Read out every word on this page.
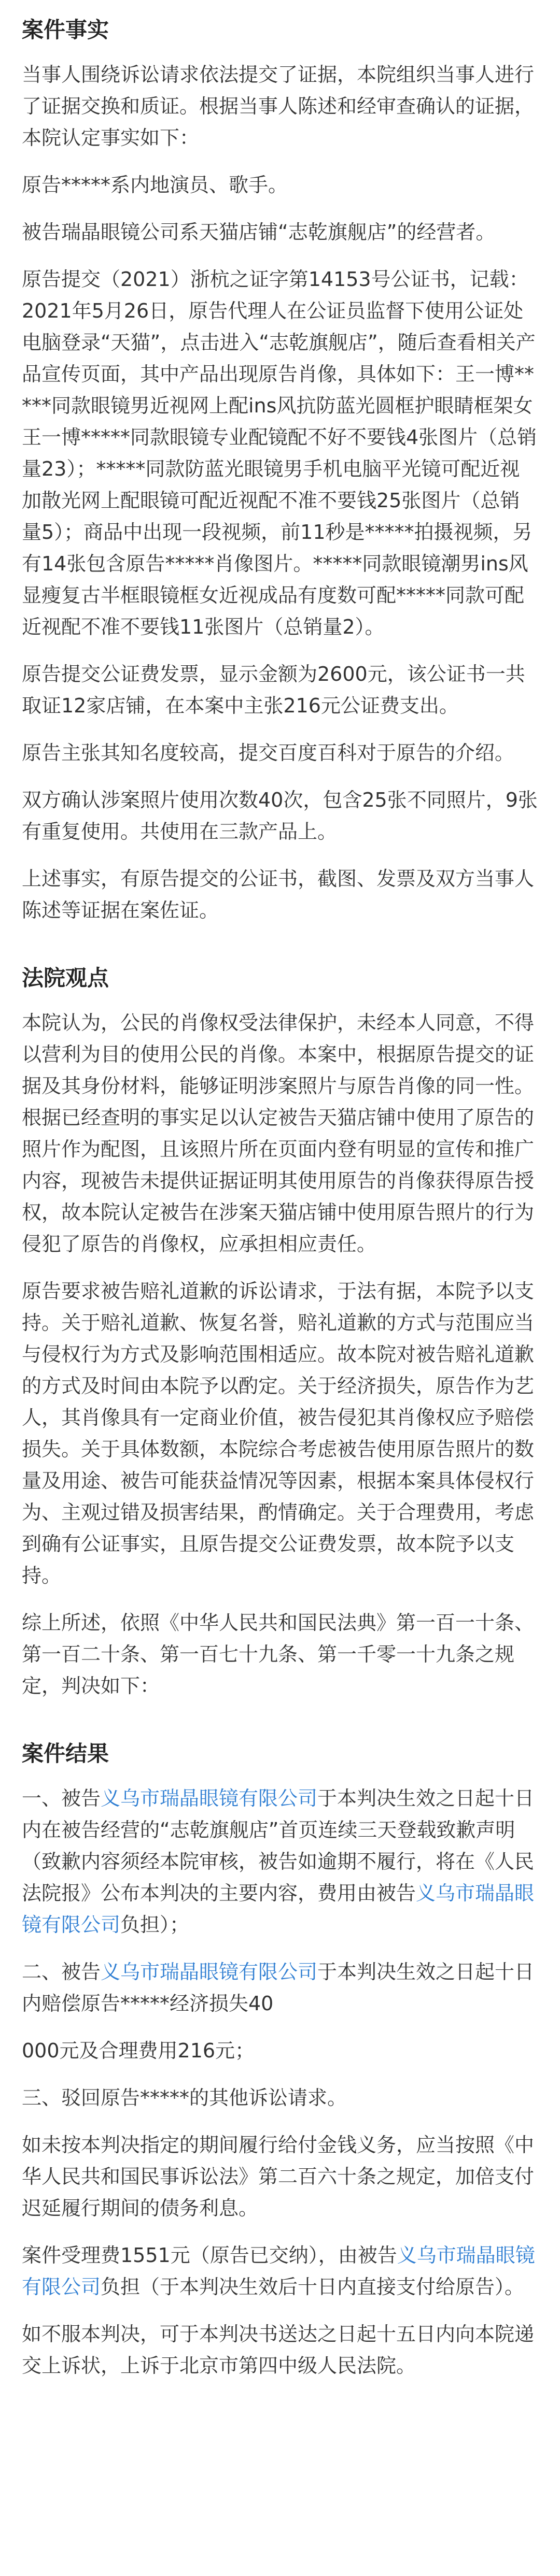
案件事实
当事人围绕诉讼请求依法提交了证据，本院组织当事人进行了证据交换和质证。根据当事人陈述和经审查确认的证据，本院认定事实如下：
原告*****系内地演员、歌手。
被告瑞晶眼镜公司系天猫店铺“志乾旗舰店”的经营者。
原告提交（2021）浙杭之证字第14153号公证书，记载：2021年5月26日，原告代理人在公证员监督下使用公证处电脑登录“天猫”，点击进入“志乾旗舰店”，随后查看相关产品宣传页面，其中产品出现原告肖像，具体如下：王一博*****同款眼镜男近视网上配ins风抗防蓝光圆框护眼睛框架女王一博*****同款眼镜专业配镜配不好不要钱4张图片（总销量23）；*****同款防蓝光眼镜男手机电脑平光镜可配近视加散光网上配眼镜可配近视配不准不要钱25张图片（总销量5）；商品中出现一段视频，前11秒是*****拍摄视频，另有14张包含原告*****肖像图片。*****同款眼镜潮男ins风显瘦复古半框眼镜框女近视成品有度数可配*****同款可配近视配不准不要钱11张图片（总销量2）。
原告提交公证费发票，显示金额为2600元，该公证书一共取证12家店铺，在本案中主张216元公证费支出。
原告主张其知名度较高，提交百度百科对于原告的介绍。
双方确认涉案照片使用次数40次，包含25张不同照片，9张有重复使用。共使用在三款产品上。
上述事实，有原告提交的公证书，截图、发票及双方当事人陈述等证据在案佐证。
法院观点
本院认为，公民的肖像权受法律保护，未经本人同意，不得以营利为目的使用公民的肖像。本案中，根据原告提交的证据及其身份材料，能够证明涉案照片与原告肖像的同一性。根据已经查明的事实足以认定被告天猫店铺中使用了原告的照片作为配图，且该照片所在页面内登有明显的宣传和推广内容，现被告未提供证据证明其使用原告的肖像获得原告授权，故本院认定被告在涉案天猫店铺中使用原告照片的行为侵犯了原告的肖像权，应承担相应责任。
原告要求被告赔礼道歉的诉讼请求，于法有据，本院予以支持。关于赔礼道歉、恢复名誉，赔礼道歉的方式与范围应当与侵权行为方式及影响范围相适应。故本院对被告赔礼道歉的方式及时间由本院予以酌定。关于经济损失，原告作为艺人，其肖像具有一定商业价值，被告侵犯其肖像权应予赔偿损失。关于具体数额，本院综合考虑被告使用原告照片的数量及用途、被告可能获益情况等因素，根据本案具体侵权行为、主观过错及损害结果，酌情确定。关于合理费用，考虑到确有公证事实，且原告提交公证费发票，故本院予以支持。
综上所述，依照《中华人民共和国民法典》第一百一十条、第一百二十条、第一百七十九条、第一千零一十九条之规定，判决如下：
案件结果
一、被告义乌市瑞晶眼镜有限公司于本判决生效之日起十日内在被告经营的“志乾旗舰店”首页连续三天登载致歉声明（致歉内容须经本院审核，被告如逾期不履行，将在《人民法院报》公布本判决的主要内容，费用由被告义乌市瑞晶眼镜有限公司负担）；
二、被告义乌市瑞晶眼镜有限公司于本判决生效之日起十日内赔偿原告*****经济损失40
000元及合理费用216元；
三、驳回原告*****的其他诉讼请求。
如未按本判决指定的期间履行给付金钱义务，应当按照《中华人民共和国民事诉讼法》第二百六十条之规定，加倍支付迟延履行期间的债务利息。
案件受理费1551元（原告已交纳），由被告义乌市瑞晶眼镜有限公司负担（于本判决生效后十日内直接支付给原告）。
如不服本判决，可于本判决书送达之日起十五日内向本院递交上诉状，上诉于北京市第四中级人民法院。
